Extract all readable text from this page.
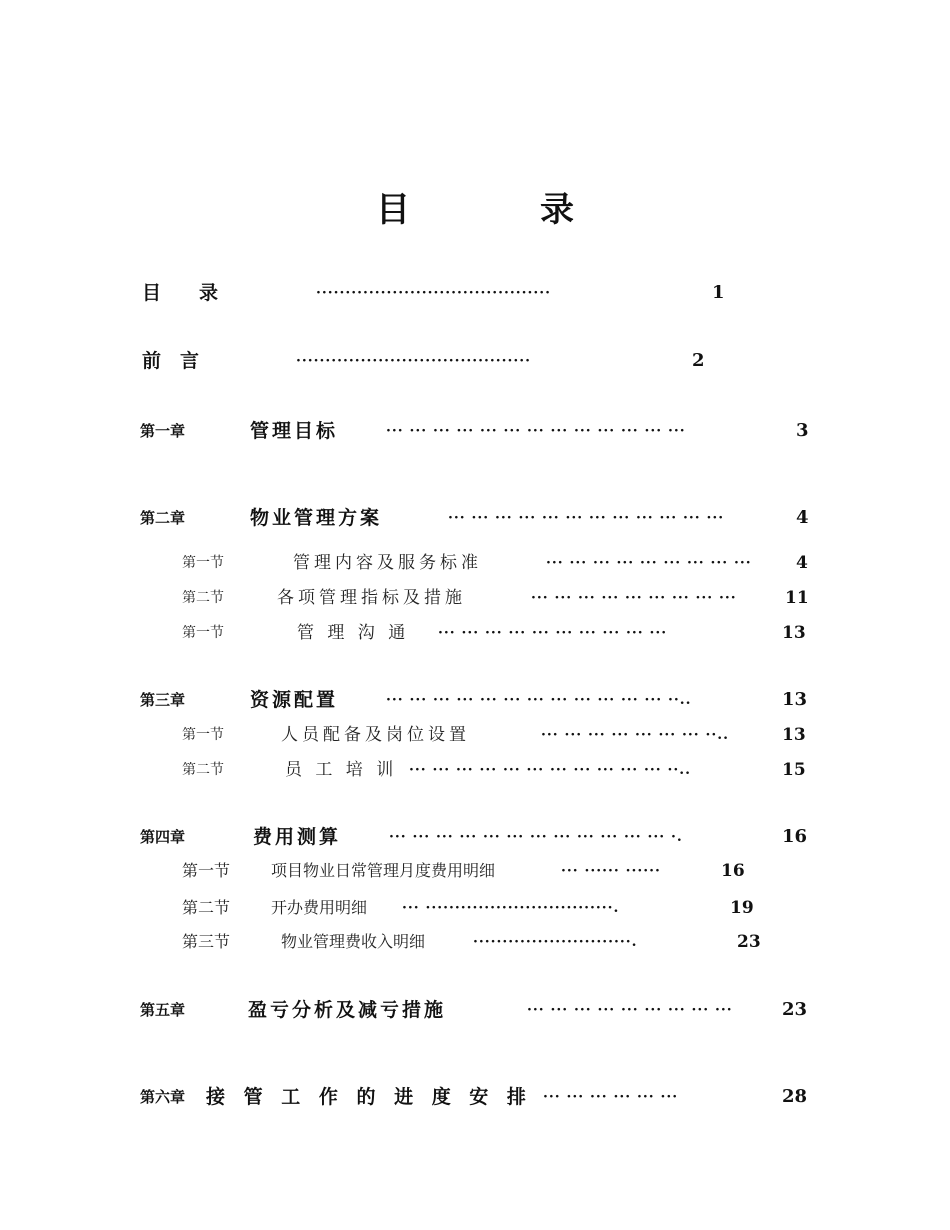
目　录
目　　录	········································	1
前　言	········································	2
第一章	管理目标	··· ··· ··· ··· ··· ··· ··· ··· ··· ··· ··· ··· ···	3
第二章	物业管理方案	··· ··· ··· ··· ··· ··· ··· ··· ··· ··· ··· ···	4
第一节	管理内容及服务标准	··· ··· ··· ··· ··· ··· ··· ··· ···	4
第二节	各项管理指标及措施	··· ··· ··· ··· ··· ··· ··· ··· ···	11
第一节	管 理 沟 通 ··· ··· ··· ··· ··· ··· ··· ··· ··· ···	13
第三章	资源配置	··· ··· ··· ··· ··· ··· ··· ··· ··· ··· ··· ··· ··..	13
第一节	人员配备及岗位设置	··· ··· ··· ··· ··· ··· ··· ··..	13
第二节	员 工 培 训 ··· ··· ··· ··· ··· ··· ··· ··· ··· ··· ··· ··..	15
第四章	费用测算	··· ··· ··· ··· ··· ··· ··· ··· ··· ··· ··· ··· ·.	16
第一节	项目物业日常管理月度费用明细	··· ······ ······	16
第二节	开办费用明细 ··· ································.	19
第三节	物业管理费收入明细	···························.	23
第五章	盈亏分析及减亏措施	··· ··· ··· ··· ··· ··· ··· ··· ···	23
第六章 接 管 工 作 的 进 度 安 排 ··· ··· ··· ··· ··· ···	28
